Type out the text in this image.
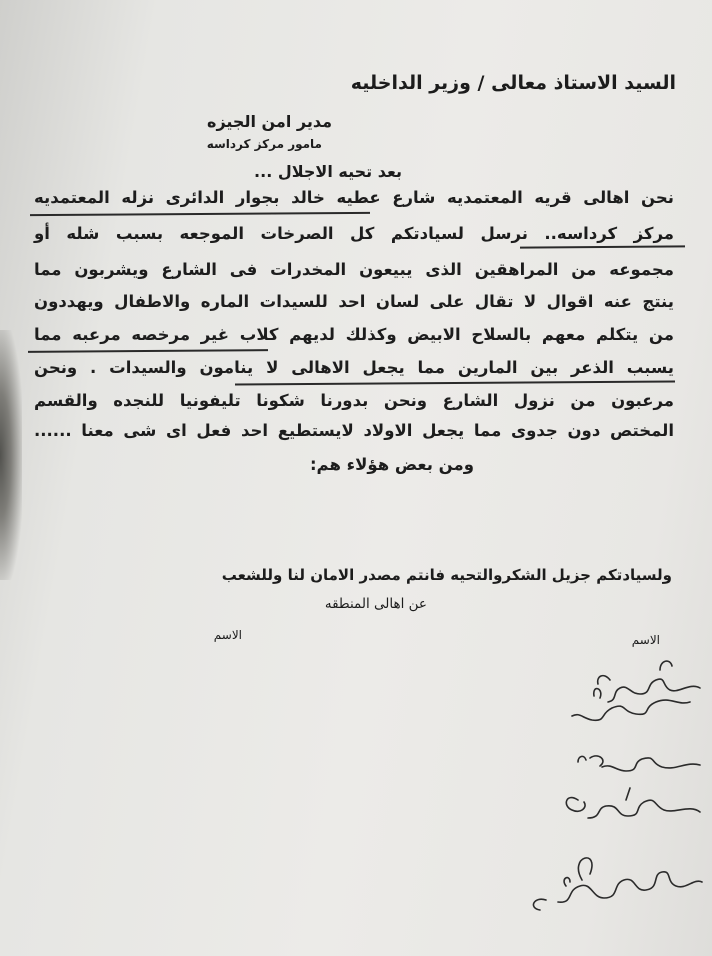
السيد الاستاذ معالى / وزير الداخليه
مدير امن الجيزه
مامور مركز كرداسه
بعد تحيه الاجلال ...
نحن اهالى قريه المعتمديه شارع عطيه خالد بجوار الدائرى نزله المعتمديه
مركز كرداسه.. نرسل لسيادتكم كل الصرخات الموجعه بسبب شله أو
مجموعه من المراهقين الذى يبيعون المخدرات فى الشارع ويشربون مما
ينتج عنه اقوال لا تقال على لسان احد للسيدات الماره والاطفال ويهددون
من يتكلم معهم بالسلاح الابيض وكذلك لديهم كلاب غير مرخصه مرعبه مما
يسبب الذعر بين المارين مما يجعل الاهالى لا ينامون والسيدات . ونحن
مرعبون من نزول الشارع ونحن بدورنا شكونا تليفونيا للنجده والقسم
المختص دون جدوى مما يجعل الاولاد لايستطيع احد فعل اى شى معنا ......
ومن بعض هؤلاء هم:
ولسيادتكم جزيل الشكروالتحيه فانتم مصدر الامان لنا وللشعب
عن اهالى المنطقه
الاسم	الاسم
